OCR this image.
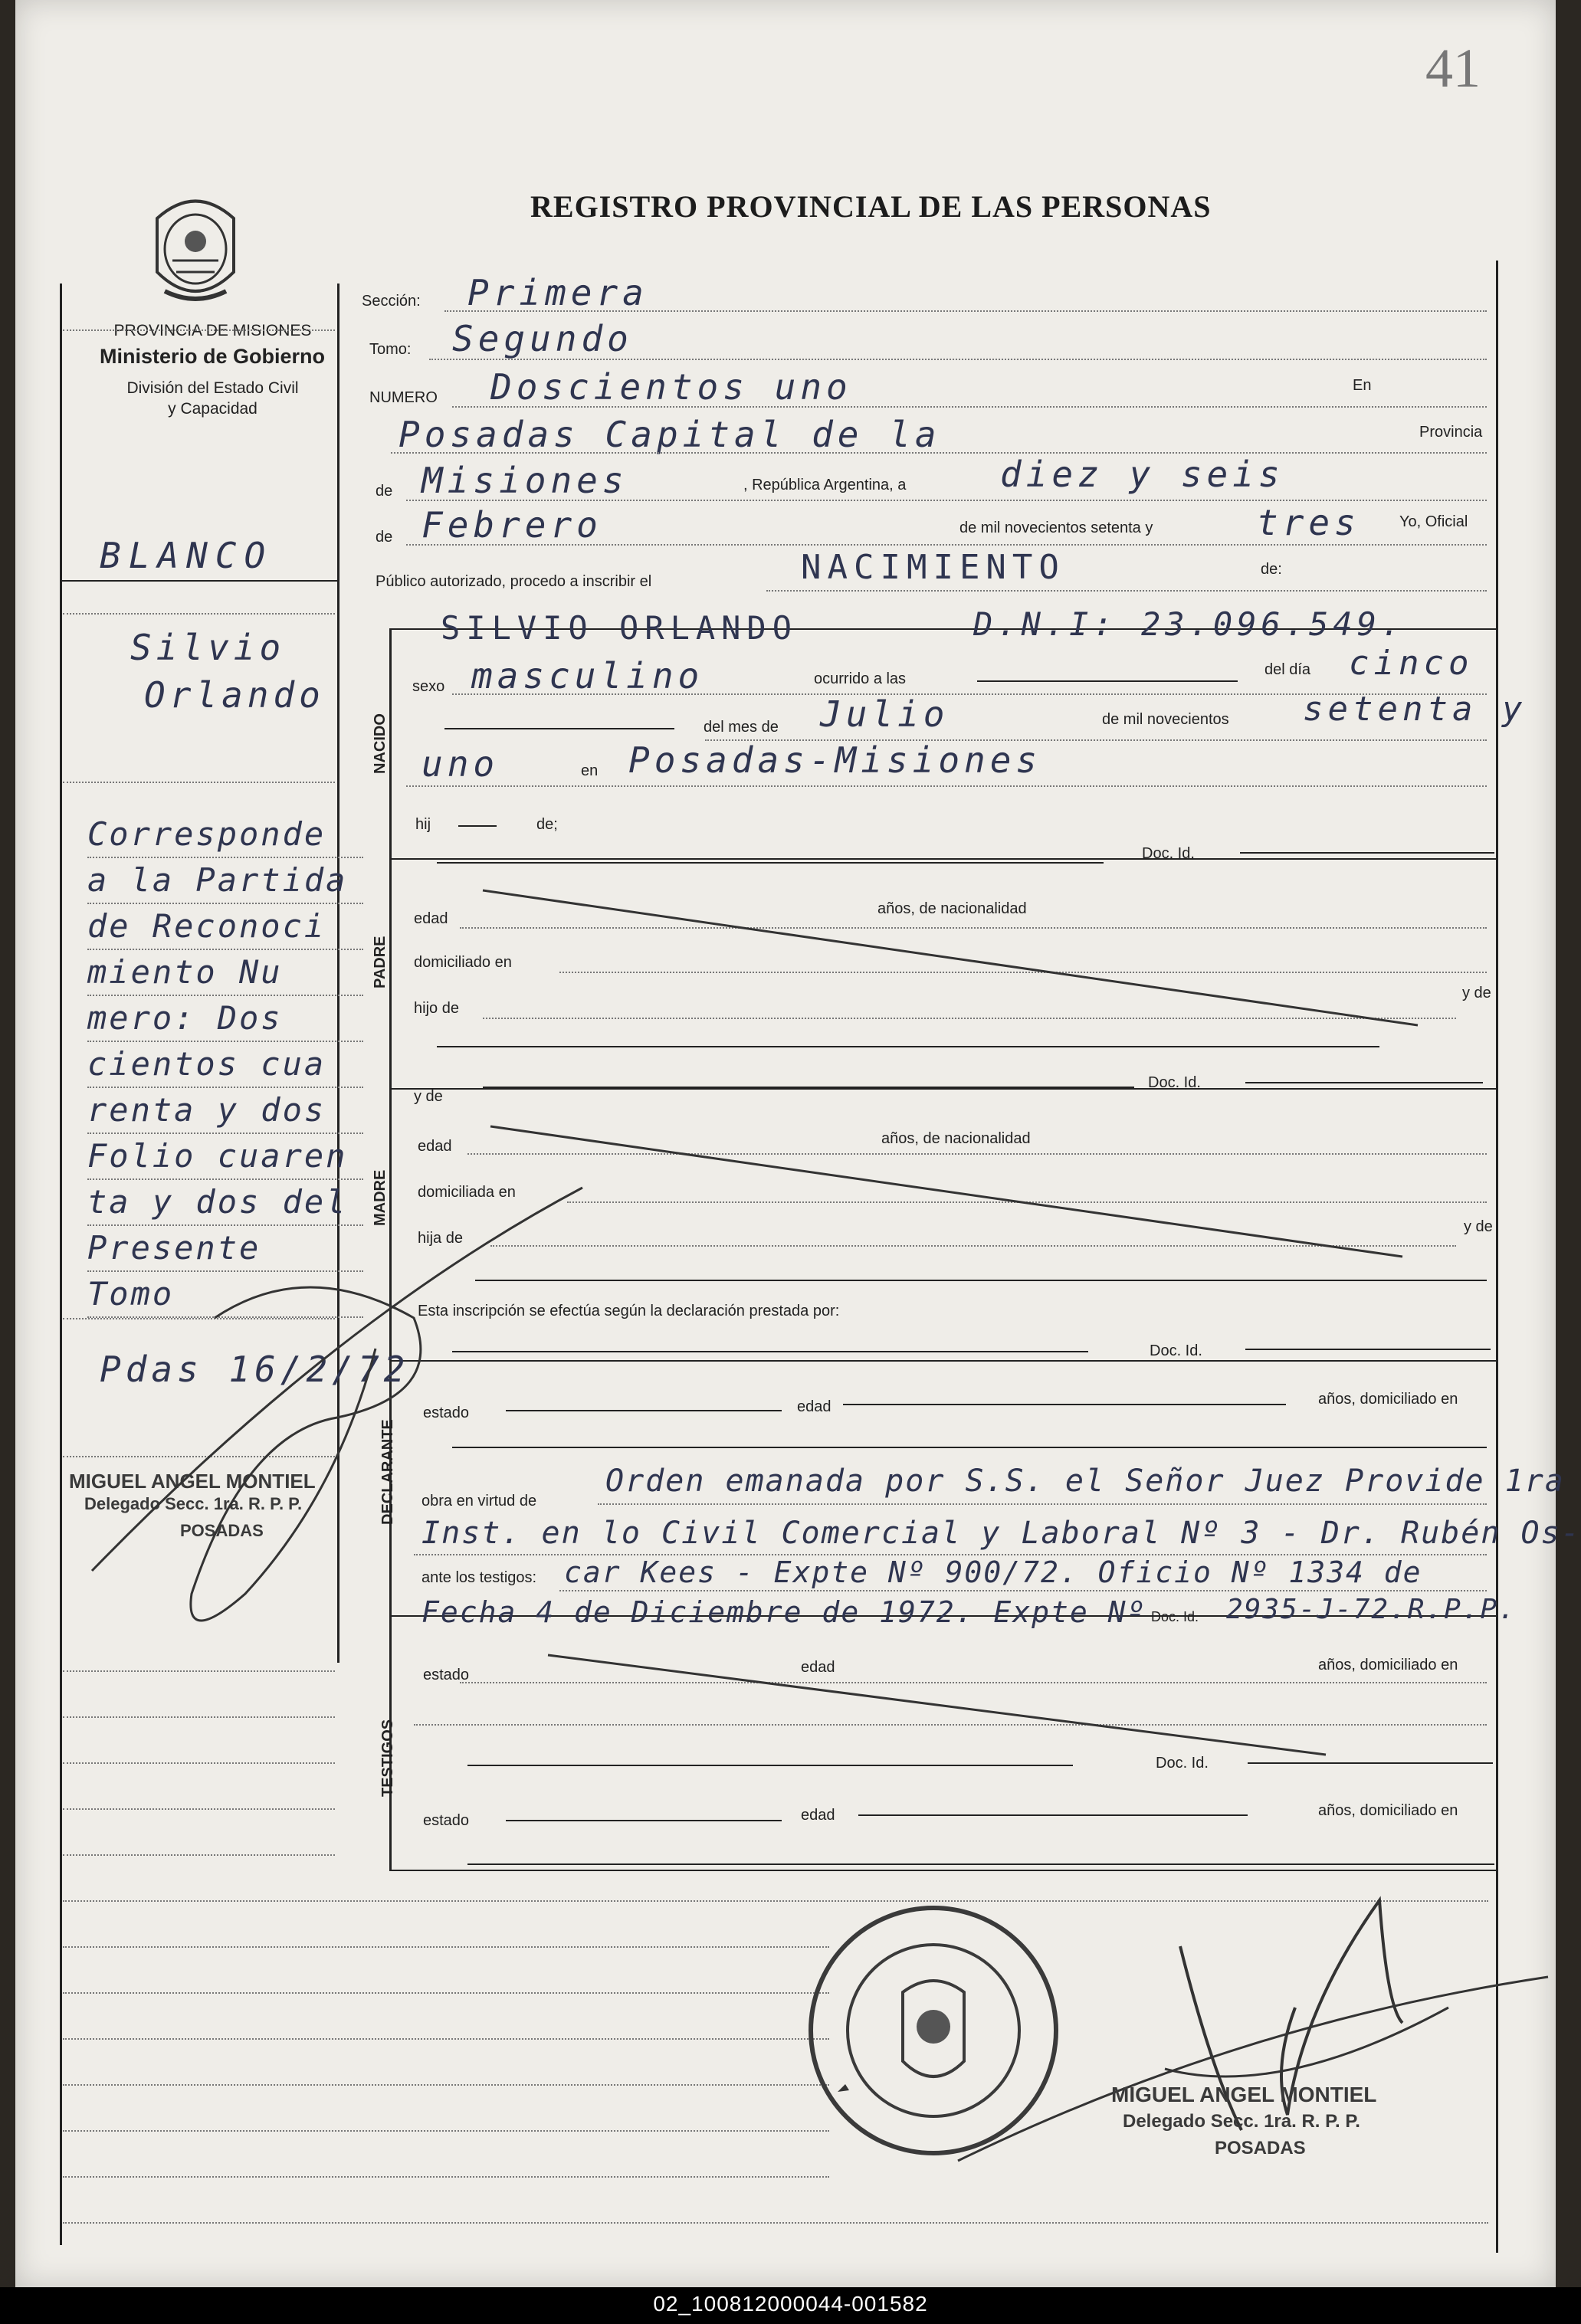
41
REGISTRO PROVINCIAL DE LAS PERSONAS
PROVINCIA DE MISIONES
Ministerio de Gobierno
División del Estado Civil
y Capacidad
BLANCO
Silvio
Orlando
Corresponde
a la Partida
de Reconoci
miento Nu
mero: Dos
cientos cua
renta y dos
Folio cuaren
ta y dos del
Presente
Tomo
Pdas 16/2/72
MIGUEL ANGEL MONTIEL
Delegado Secc. 1ra. R. P. P.
POSADAS
Sección: Primera
Tomo: Segundo
NUMERO Doscientos uno	En
Posadas Capital de la	Provincia
de Misiones	, República Argentina, a	diez y seis
de Febrero	de mil novecientos setenta y	tres	Yo, Oficial
Público autorizado, procedo a inscribir el	NACIMIENTO	de:
SILVIO ORLANDO	D.N.I: 23.096.549.
NACIDO
PADRE
MADRE
DECLARANTE
TESTIGOS
sexo masculino	ocurrido a las
del día cinco
del mes de Julio	de mil novecientos setenta y
uno	en Posadas-Misiones
hij	de;
Doc. Id.
edad
años, de nacionalidad
domiciliado en
y de
hijo de
y de
Doc. Id.
edad	años, de nacionalidad
domiciliada en
hija de
y de
Esta inscripción se efectúa según la declaración prestada por:
Doc. Id.
estado	edad	años, domiciliado en
obra en virtud de
Orden emanada por S.S. el Señor Juez Provide 1ra
Inst. en lo Civil Comercial y Laboral Nº 3 - Dr. Rubén Os-
ante los testigos: car Kees - Expte Nº 900/72. Oficio Nº 1334 de
Fecha 4 de Diciembre de 1972. Expte Nº Doc. Id. 2935-J-72.R.P.P.
estado	edad	años, domiciliado en
Doc. Id.
estado	edad	años, domiciliado en
MIGUEL ANGEL MONTIEL
Delegado Secc. 1ra. R. P. P.
POSADAS
02_100812000044-001582
